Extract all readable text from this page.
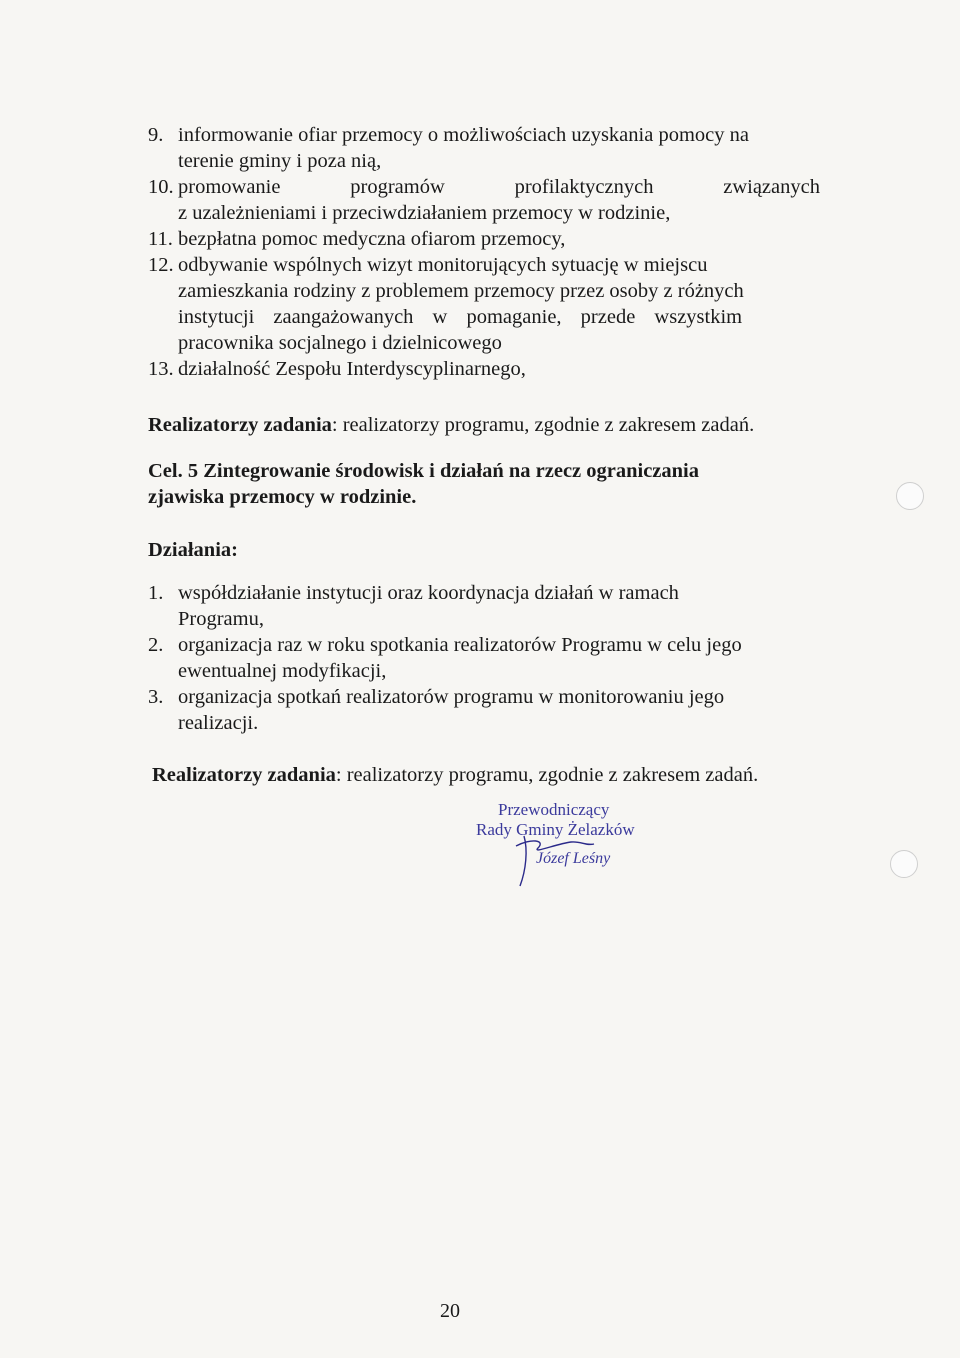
9. informowanie ofiar przemocy o możliwościach uzyskania pomocy na
terenie gminy i poza nią,
10. promowanie	programów	profilaktycznych	związanych
z uzależnieniami i przeciwdziałaniem przemocy w rodzinie,
11. bezpłatna pomoc medyczna ofiarom przemocy,
12. odbywanie wspólnych wizyt monitorujących sytuację w miejscu
zamieszkania rodziny z problemem przemocy przez osoby z różnych
instytucji zaangażowanych w pomaganie, przede wszystkim
pracownika socjalnego i dzielnicowego
13. działalność Zespołu Interdyscyplinarnego,
Realizatorzy zadania: realizatorzy programu, zgodnie z zakresem zadań.
Cel. 5 Zintegrowanie środowisk i działań na rzecz ograniczania
zjawiska przemocy w rodzinie.
Działania:
1. współdziałanie instytucji oraz koordynacja działań w ramach
Programu,
2. organizacja raz w roku spotkania realizatorów Programu w celu jego
ewentualnej modyfikacji,
3. organizacja spotkań realizatorów programu w monitorowaniu jego
realizacji.
Realizatorzy zadania: realizatorzy programu, zgodnie z zakresem zadań.
Przewodniczący
Rady Gminy Żelazków
Józef Leśny
20
